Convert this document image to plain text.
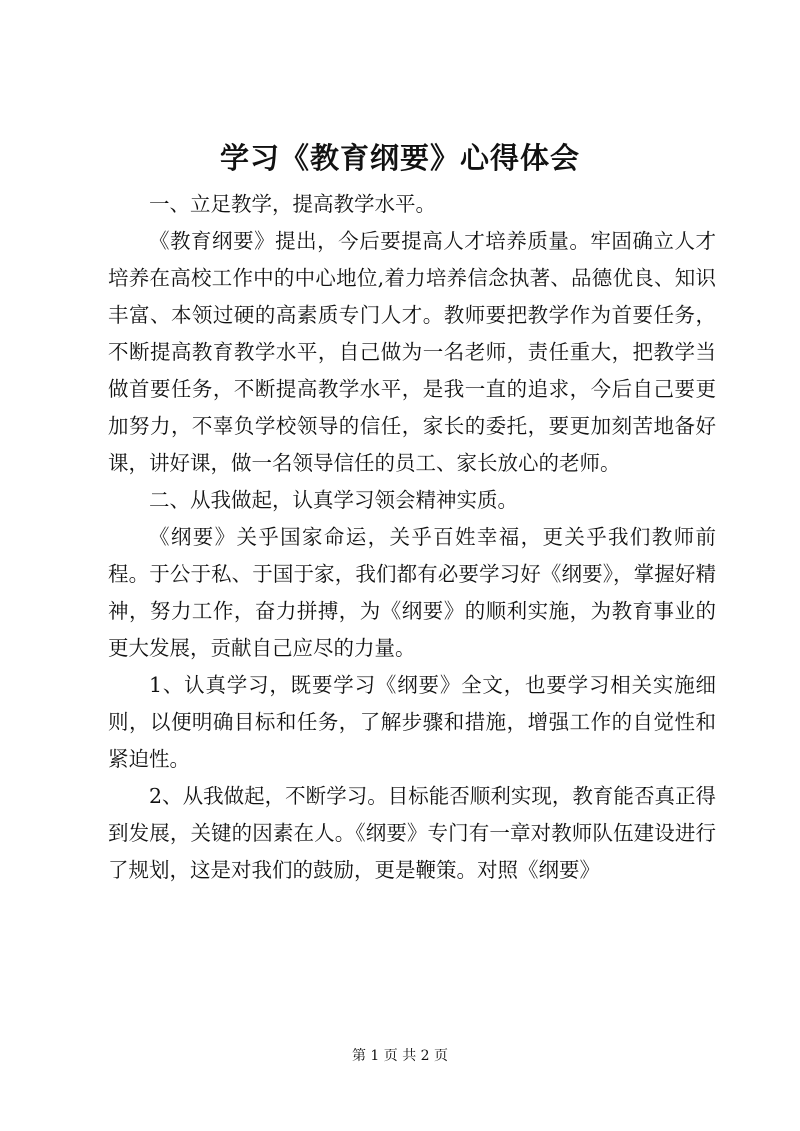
学习《教育纲要》心得体会

一、立足教学，提高教学水平。

《教育纲要》提出，今后要提高人才培养质量。牢固确立人才培养在高校工作中的中心地位,着力培养信念执著、品德优良、知识丰富、本领过硬的高素质专门人才。教师要把教学作为首要任务，不断提高教育教学水平，自己做为一名老师，责任重大，把教学当做首要任务，不断提高教学水平，是我一直的追求，今后自己要更加努力，不辜负学校领导的信任，家长的委托，要更加刻苦地备好课，讲好课，做一名领导信任的员工、家长放心的老师。

二、从我做起，认真学习领会精神实质。

《纲要》关乎国家命运，关乎百姓幸福，更关乎我们教师前程。于公于私、于国于家，我们都有必要学习好《纲要》，掌握好精神，努力工作，奋力拼搏，为《纲要》的顺利实施，为教育事业的更大发展，贡献自己应尽的力量。

1、认真学习，既要学习《纲要》全文，也要学习相关实施细则，以便明确目标和任务，了解步骤和措施，增强工作的自觉性和紧迫性。

2、从我做起，不断学习。目标能否顺利实现，教育能否真正得到发展，关键的因素在人。《纲要》专门有一章对教师队伍建设进行了规划，这是对我们的鼓励，更是鞭策。对照《纲要》

第 1 页 共 2 页
